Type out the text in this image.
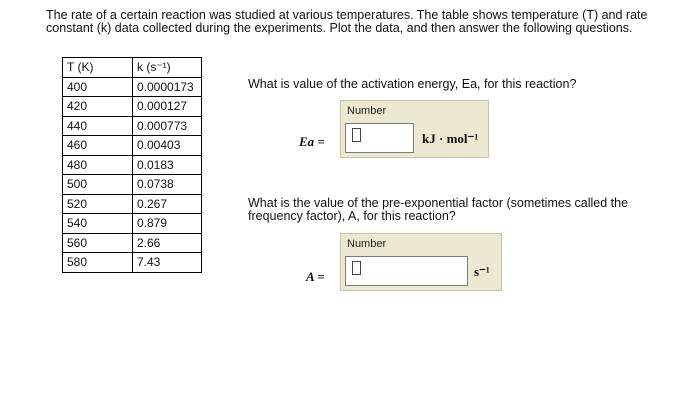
The rate of a certain reaction was studied at various temperatures. The table shows temperature (T) and rate constant (k) data collected during the experiments. Plot the data, and then answer the following questions.
T (K)	k (s⁻¹)
400	0.0000173
420	0.000127
440	0.000773
460	0.00403
480	0.0183
500	0.0738
520	0.267
540	0.879
560	2.66
580	7.43
What is value of the activation energy, Ea, for this reaction?
Number
kJ · mol⁻¹
Ea =
What is the value of the pre-exponential factor (sometimes called the frequency factor), A, for this reaction?
Number
s⁻¹
A =
